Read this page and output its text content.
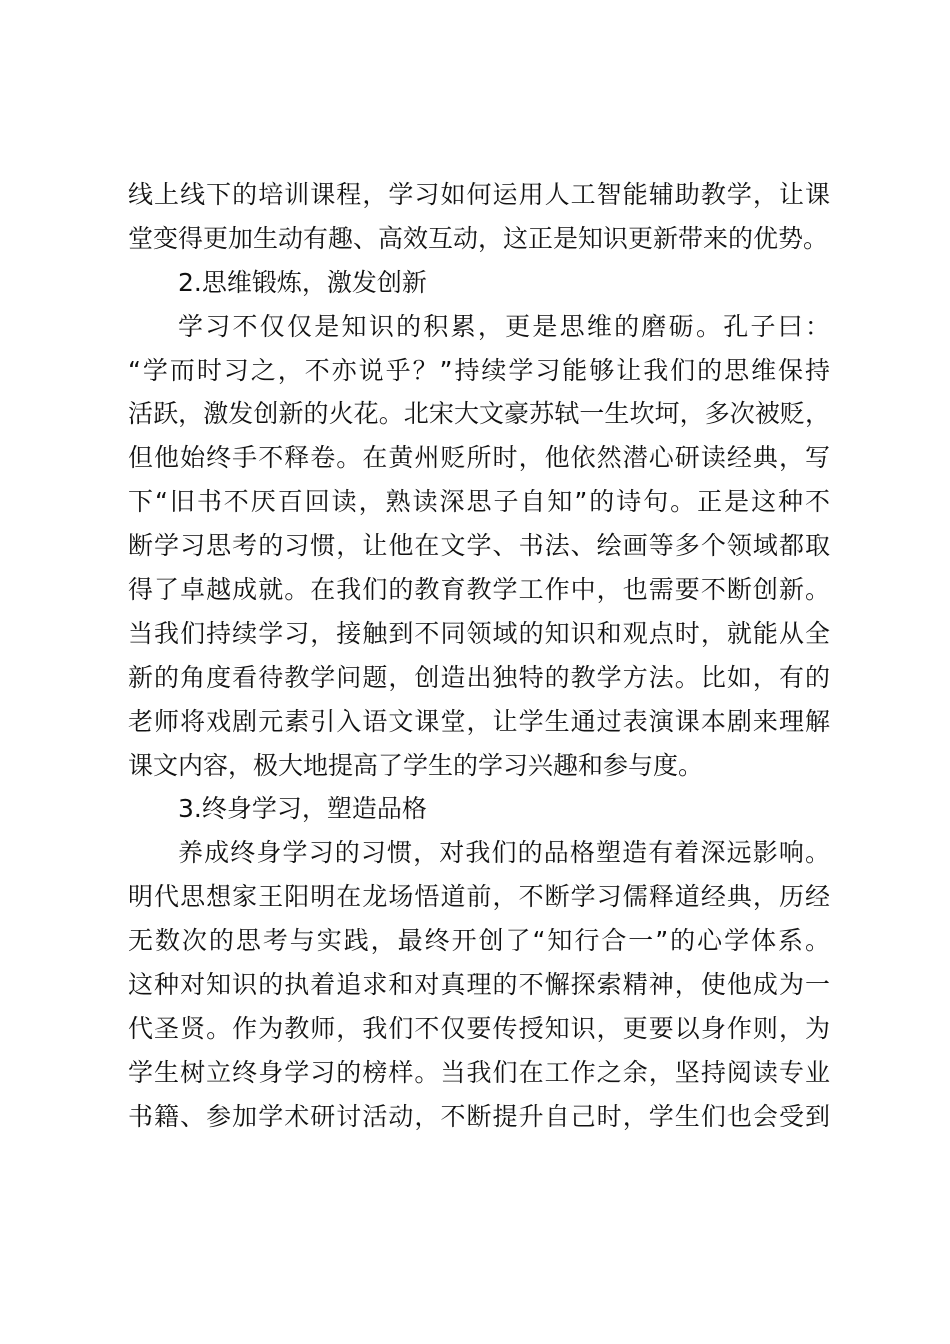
线上线下的培训课程，学习如何运用人工智能辅助教学，让课
堂变得更加生动有趣、高效互动，这正是知识更新带来的优势。
2.思维锻炼，激发创新
学习不仅仅是知识的积累，更是思维的磨砺。孔子曰：
“学而时习之，不亦说乎？”持续学习能够让我们的思维保持
活跃，激发创新的火花。北宋大文豪苏轼一生坎坷，多次被贬，
但他始终手不释卷。在黄州贬所时，他依然潜心研读经典，写
下“旧书不厌百回读，熟读深思子自知”的诗句。正是这种不
断学习思考的习惯，让他在文学、书法、绘画等多个领域都取
得了卓越成就。在我们的教育教学工作中，也需要不断创新。
当我们持续学习，接触到不同领域的知识和观点时，就能从全
新的角度看待教学问题，创造出独特的教学方法。比如，有的
老师将戏剧元素引入语文课堂，让学生通过表演课本剧来理解
课文内容，极大地提高了学生的学习兴趣和参与度。
3.终身学习，塑造品格
养成终身学习的习惯，对我们的品格塑造有着深远影响。
明代思想家王阳明在龙场悟道前，不断学习儒释道经典，历经
无数次的思考与实践，最终开创了“知行合一”的心学体系。
这种对知识的执着追求和对真理的不懈探索精神，使他成为一
代圣贤。作为教师，我们不仅要传授知识，更要以身作则，为
学生树立终身学习的榜样。当我们在工作之余，坚持阅读专业
书籍、参加学术研讨活动，不断提升自己时，学生们也会受到
